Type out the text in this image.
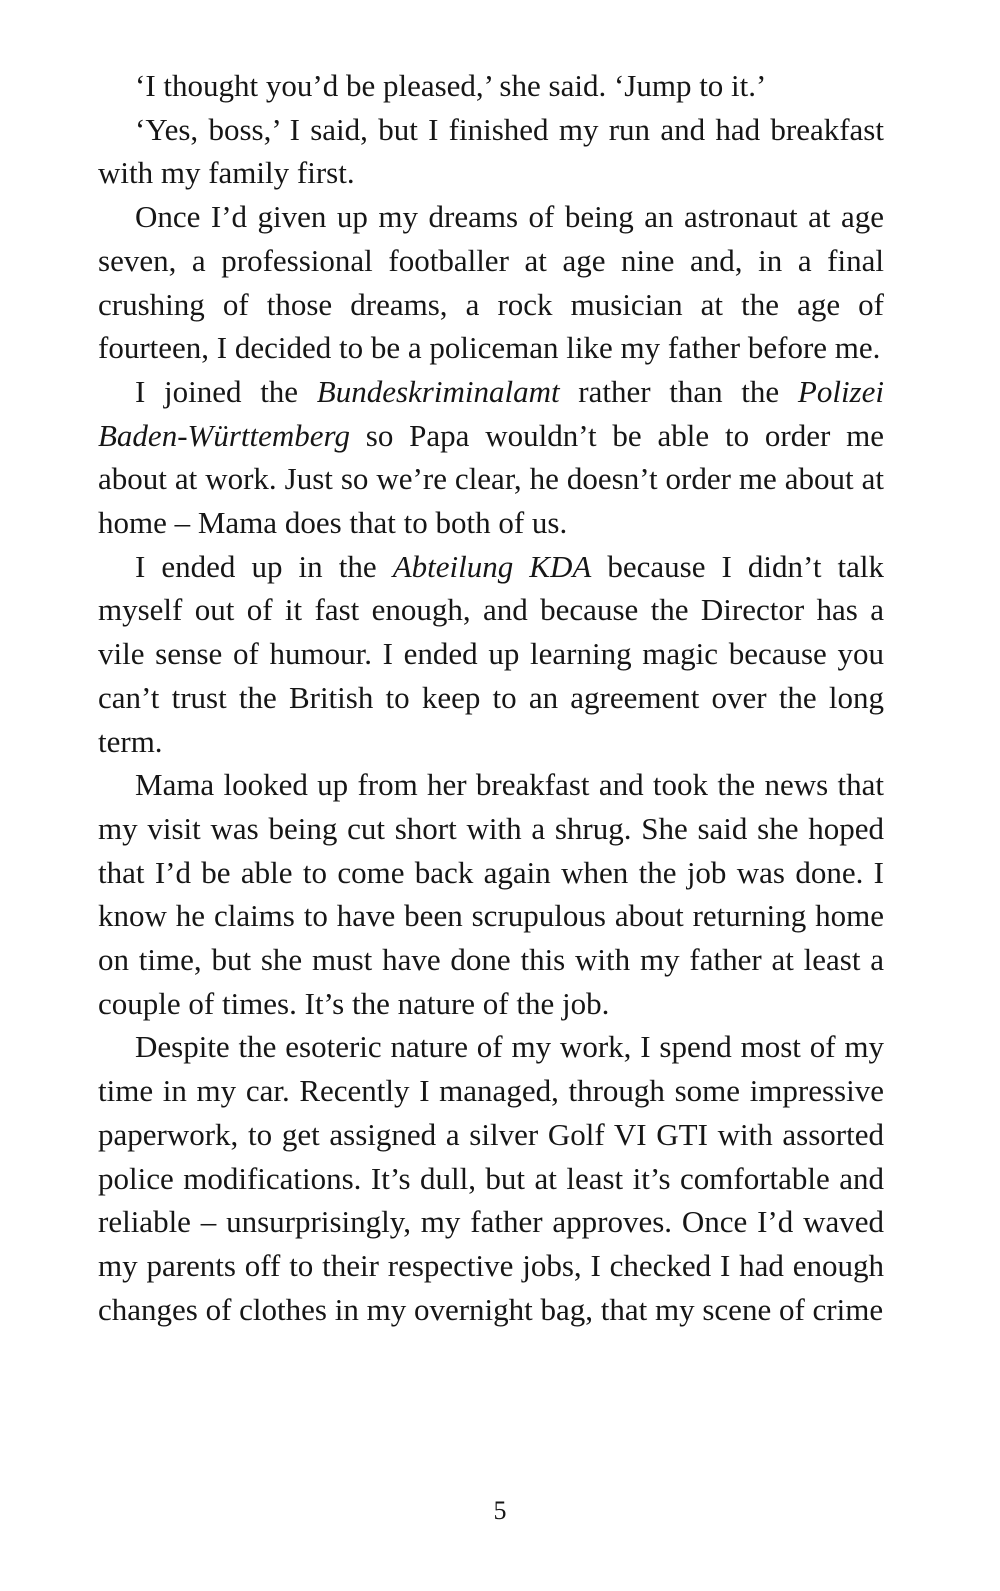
‘I thought you’d be pleased,’ she said. ‘Jump to it.’

‘Yes, boss,’ I said, but I finished my run and had breakfast with my family first.

Once I’d given up my dreams of being an astronaut at age seven, a professional footballer at age nine and, in a final crushing of those dreams, a rock musician at the age of fourteen, I decided to be a policeman like my father before me.

I joined the Bundeskriminalamt rather than the Polizei Baden-Württemberg so Papa wouldn’t be able to order me about at work. Just so we’re clear, he doesn’t order me about at home – Mama does that to both of us.

I ended up in the Abteilung KDA because I didn’t talk myself out of it fast enough, and because the Director has a vile sense of humour. I ended up learning magic because you can’t trust the British to keep to an agreement over the long term.

Mama looked up from her breakfast and took the news that my visit was being cut short with a shrug. She said she hoped that I’d be able to come back again when the job was done. I know he claims to have been scrupulous about returning home on time, but she must have done this with my father at least a couple of times. It’s the nature of the job.

Despite the esoteric nature of my work, I spend most of my time in my car. Recently I managed, through some impressive paperwork, to get assigned a silver Golf VI GTI with assorted police modifications. It’s dull, but at least it’s comfortable and reliable – unsurprisingly, my father approves. Once I’d waved my parents off to their respective jobs, I checked I had enough changes of clothes in my overnight bag, that my scene of crime

5
